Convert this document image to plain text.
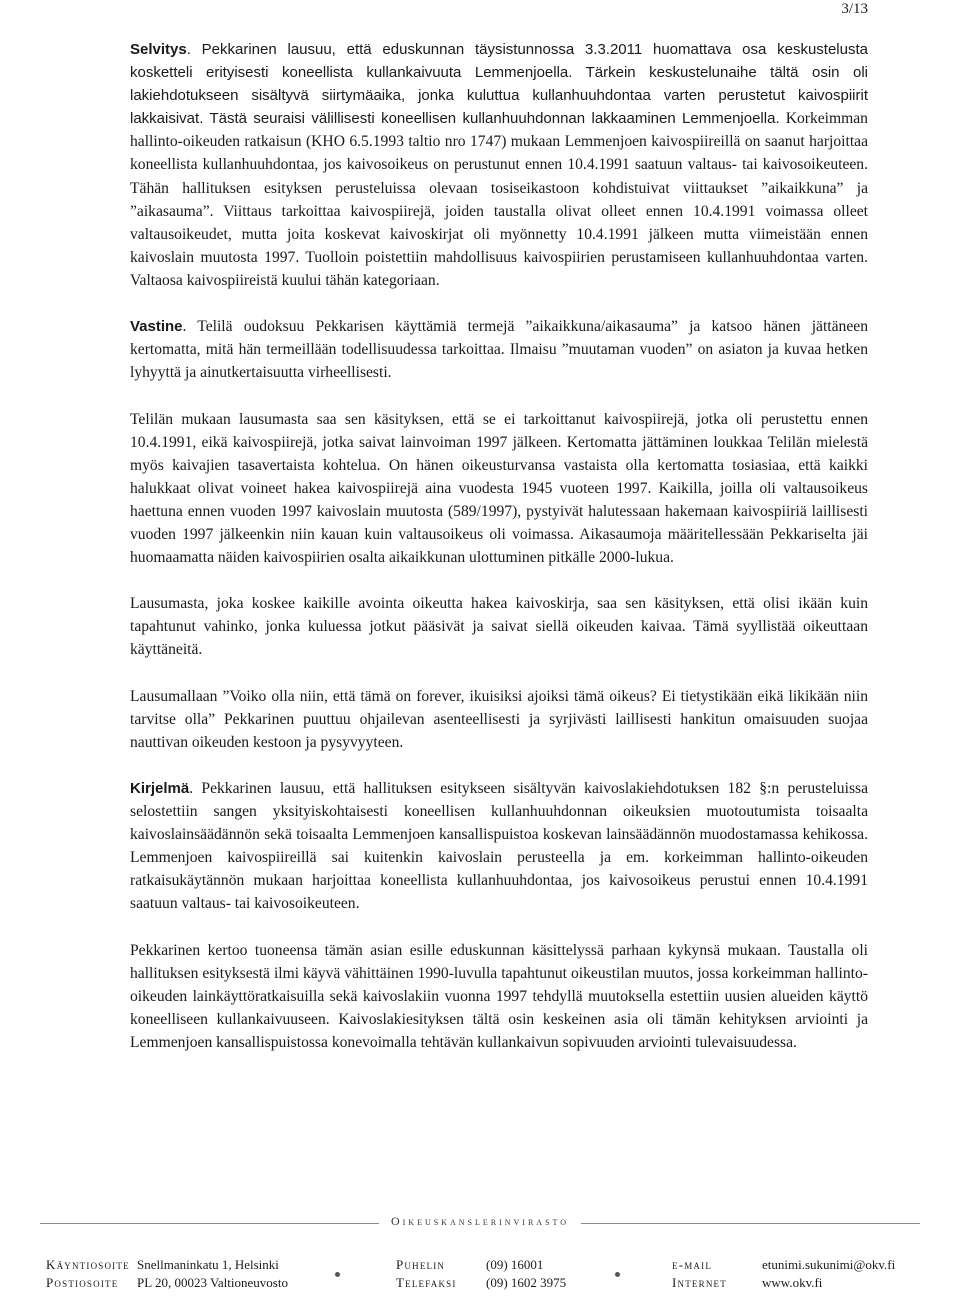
3/13

Selvitys. Pekkarinen lausuu, että eduskunnan täysistunnossa 3.3.2011 huomattava osa keskustelusta kosketteli erityisesti koneellista kullankaivuuta Lemmenjoella. Tärkein keskustelunaihe tältä osin oli lakiehdotukseen sisältyvä siirtymäaika, jonka kuluttua kullanhuuhdontaa varten perustetut kaivospiirit lakkaisivat. Tästä seuraisi välillisesti koneellisen kullanhuuhdonnan lakkaaminen Lemmenjoella. Korkeimman hallinto-oikeuden ratkaisun (KHO 6.5.1993 taltio nro 1747) mukaan Lemmenjoen kaivospiireillä on saanut harjoittaa koneellista kullanhuuhdontaa, jos kaivosoikeus on perustunut ennen 10.4.1991 saatuun valtaus- tai kaivosoikeuteen. Tähän hallituksen esityksen perusteluissa olevaan tosiseikastoon kohdistuivat viittaukset ”aikaikkuna” ja ”aikasauma”. Viittaus tarkoittaa kaivospiirejä, joiden taustalla olivat olleet ennen 10.4.1991 voimassa olleet valtausoikeudet, mutta joita koskevat kaivoskirjat oli myönnetty 10.4.1991 jälkeen mutta viimeistään ennen kaivoslain muutosta 1997. Tuolloin poistettiin mahdollisuus kaivospiirien perustamiseen kullanhuuhdontaa varten. Valtaosa kaivospiireistä kuului tähän kategoriaan.

Vastine. Telilä oudoksuu Pekkarisen käyttämiä termejä ”aikaikkuna/aikasauma” ja katsoo hänen jättäneen kertomatta, mitä hän termeillään todellisuudessa tarkoittaa. Ilmaisu ”muutaman vuoden” on asiaton ja kuvaa hetken lyhyyttä ja ainutkertaisuutta virheellisesti.

Telilän mukaan lausumasta saa sen käsityksen, että se ei tarkoittanut kaivospiirejä, jotka oli perustettu ennen 10.4.1991, eikä kaivospiirejä, jotka saivat lainvoiman 1997 jälkeen. Kertomatta jättäminen loukkaa Telilän mielestä myös kaivajien tasavertaista kohtelua. On hänen oikeusturvansa vastaista olla kertomatta tosiasiaa, että kaikki halukkaat olivat voineet hakea kaivospiirejä aina vuodesta 1945 vuoteen 1997. Kaikilla, joilla oli valtausoikeus haettuna ennen vuoden 1997 kaivoslain muutosta (589/1997), pystyivät halutessaan hakemaan kaivospiiriä laillisesti vuoden 1997 jälkeenkin niin kauan kuin valtausoikeus oli voimassa. Aikasaumoja määritellessään Pekkariselta jäi huomaamatta näiden kaivospiirien osalta aikaikkunan ulottuminen pitkälle 2000-lukua.

Lausumasta, joka koskee kaikille avointa oikeutta hakea kaivoskirja, saa sen käsityksen, että olisi ikään kuin tapahtunut vahinko, jonka kuluessa jotkut pääsivät ja saivat siellä oikeuden kaivaa. Tämä syyllistää oikeuttaan käyttäneitä.

Lausumallaan ”Voiko olla niin, että tämä on forever, ikuisiksi ajoiksi tämä oikeus? Ei tietystikään eikä likikään niin tarvitse olla” Pekkarinen puuttuu ohjailevan asenteellisesti ja syrjivästi laillisesti hankitun omaisuuden suojaa nauttivan oikeuden kestoon ja pysyvyyteen.

Kirjelmä. Pekkarinen lausuu, että hallituksen esitykseen sisältyvän kaivoslakiehdotuksen 182 §:n perusteluissa selostettiin sangen yksityiskohtaisesti koneellisen kullanhuuhdonnan oikeuksien muotoutumista toisaalta kaivoslainsäädännön sekä toisaalta Lemmenjoen kansallispuistoa koskevan lainsäädännön muodostamassa kehikossa. Lemmenjoen kaivospiireillä sai kuitenkin kaivoslain perusteella ja em. korkeimman hallinto-oikeuden ratkaisukäytännön mukaan harjoittaa koneellista kullanhuuhdontaa, jos kaivosoikeus perustui ennen 10.4.1991 saatuun valtaus- tai kaivosoikeuteen.

Pekkarinen kertoo tuoneensa tämän asian esille eduskunnan käsittelyssä parhaan kykynsä mukaan. Taustalla oli hallituksen esityksestä ilmi käyvä vähittäinen 1990-luvulla tapahtunut oikeustilan muutos, jossa korkeimman hallinto-oikeuden lainkäyttöratkaisuilla sekä kaivoslakiin vuonna 1997 tehdyllä muutoksella estettiin uusien alueiden käyttö koneelliseen kullankaivuuseen. Kaivoslakiesityksen tältä osin keskeinen asia oli tämän kehityksen arviointi ja Lemmenjoen kansallispuistossa konevoimalla tehtävän kullankaivun sopivuuden arviointi tulevaisuudessa.

Oikeuskanslerinvirasto
Käyntiosoite Snellmaninkatu 1, Helsinki
Postiosoite PL 20, 00023 Valtioneuvosto
Puhelin	(09) 16001
Telefaksi (09) 1602 3975
e-mail	etunimi.sukunimi@okv.fi
Internet	www.okv.fi
